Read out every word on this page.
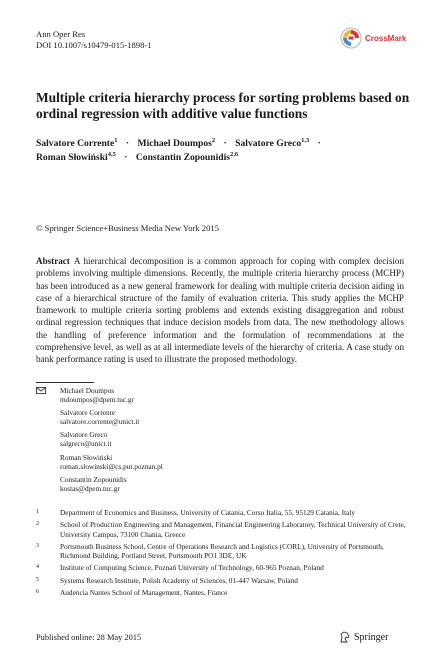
Ann Oper Res
DOI 10.1007/s10479-015-1898-1
CrossMark
Multiple criteria hierarchy process for sorting problems based on ordinal regression with additive value functions
Salvatore Corrente$^1$ · Michael Doumpos$^2$ · Salvatore Greco$^{1,3}$ ·
Roman Słowiński$^{4,5}$ · Constantin Zopounidis$^{2,6}$
© Springer Science+Business Media New York 2015
Abstract A hierarchical decomposition is a common approach for coping with complex decision problems involving multiple dimensions. Recently, the multiple criteria hierarchy process (MCHP) has been introduced as a new general framework for dealing with multiple criteria decision aiding in case of a hierarchical structure of the family of evaluation criteria. This study applies the MCHP framework to multiple criteria sorting problems and extends existing disaggregation and robust ordinal regression techniques that induce decision models from data. The new methodology allows the handling of preference information and the formulation of recommendations at the comprehensive level, as well as at all intermediate levels of the hierarchy of criteria. A case study on bank performance rating is used to illustrate the proposed methodology.
Michael Doumpos
mdoumpos@dpem.tuc.gr
Salvatore Corrente
salvatore.corrente@unict.it
Salvatore Greco
salgreco@unict.it
Roman Słowiński
roman.slowinski@cs.put.poznan.pl
Constantin Zopounidis
kostas@dpem.tuc.gr
1	Department of Economics and Business, University of Catania, Corso Italia, 55, 95129 Catania, Italy
2	School of Production Engineering and Management, Financial Engineering Laboratory, Technical University of Crete, University Campus, 73100 Chania, Greece
3	Portsmouth Business School, Centre of Operations Research and Logistics (CORL), University of Portsmouth, Richmond Building, Portland Street, Portsmouth PO1 3DE, UK
4	Institute of Computing Science, Poznań University of Technology, 60-965 Poznan, Poland
5	Systems Research Institute, Polish Academy of Sciences, 01-447 Warsaw, Poland
6	Audencia Nantes School of Management, Nantes, France
Published online: 28 May 2015	Springer
